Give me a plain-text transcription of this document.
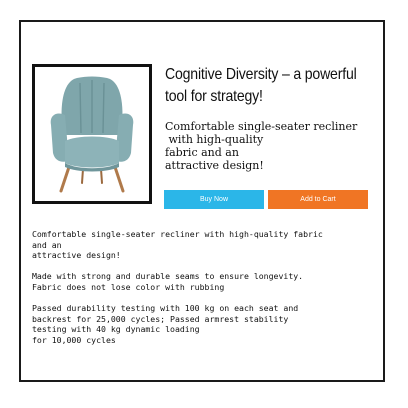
Cognitive Diversity – a powerful
tool for strategy!
Comfortable single-seater recliner
with high-quality
fabric and an
attractive design!
Buy Now	Add to Cart
Comfortable single-seater recliner with high-quality fabric
and an
attractive design!
Made with strong and durable seams to ensure longevity.
Fabric does not lose color with rubbing
Passed durability testing with 100 kg on each seat and
backrest for 25,000 cycles; Passed armrest stability
testing with 40 kg dynamic loading
for 10,000 cycles
